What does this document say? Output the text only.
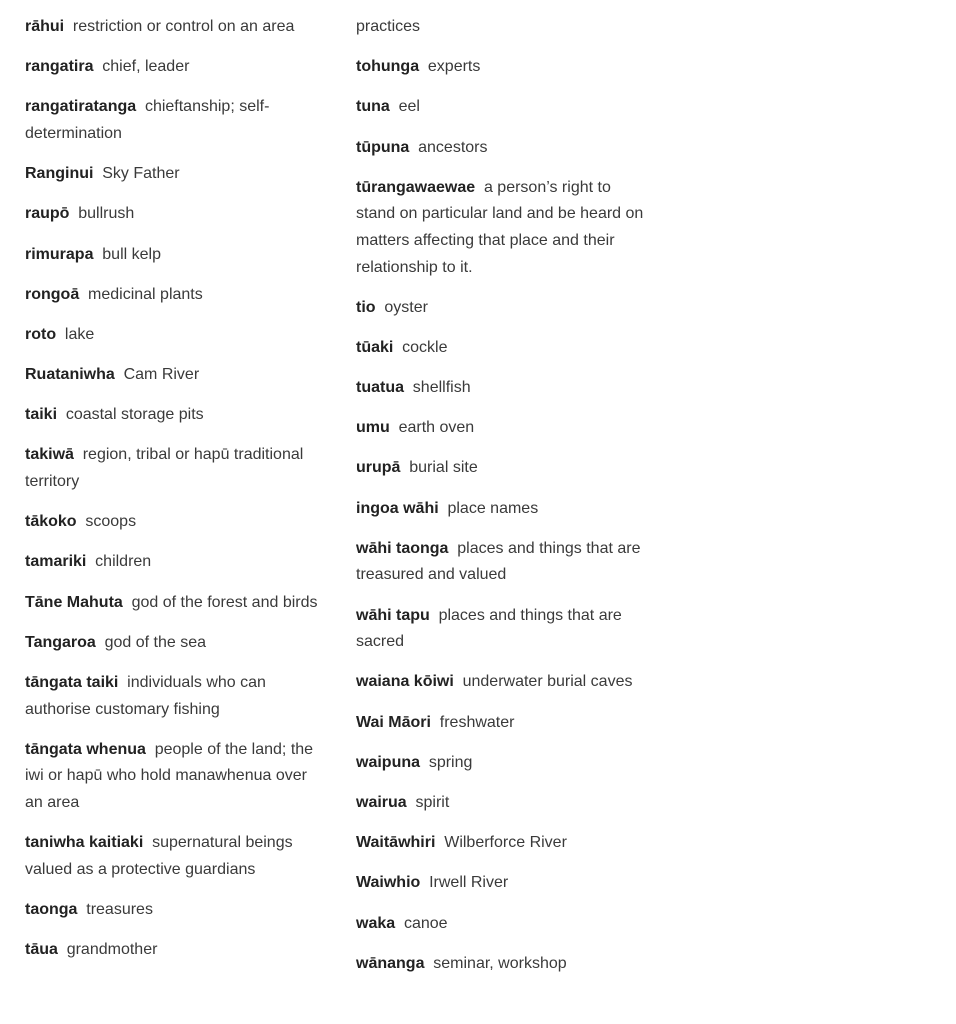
rāhui restriction or control on an area
rangatira chief, leader
rangatiratanga chieftanship; self-determination
Ranginui Sky Father
raupō bullrush
rimurapa bull kelp
rongoā medicinal plants
roto lake
Ruataniwha Cam River
taiki coastal storage pits
takiwā region, tribal or hapū traditional territory
tākoko scoops
tamariki children
Tāne Mahuta god of the forest and birds
Tangaroa god of the sea
tāngata taiki individuals who can authorise customary fishing
tāngata whenua people of the land; the iwi or hapū who hold manawhenua over an area
taniwha kaitiaki supernatural beings valued as a protective guardians
taonga treasures
tāua grandmother
practices
tohunga experts
tuna eel
tūpuna ancestors
tūrangawaewae a person’s right to stand on particular land and be heard on matters affecting that place and their relationship to it.
tio oyster
tūaki cockle
tuatua shellfish
umu earth oven
urupā burial site
ingoa wāhi place names
wāhi taonga places and things that are treasured and valued
wāhi tapu places and things that are sacred
waiana kōiwi underwater burial caves
Wai Māori freshwater
waipuna spring
wairua spirit
Waitāwhiri Wilberforce River
Waiwhio Irwell River
waka canoe
wānanga seminar, workshop
